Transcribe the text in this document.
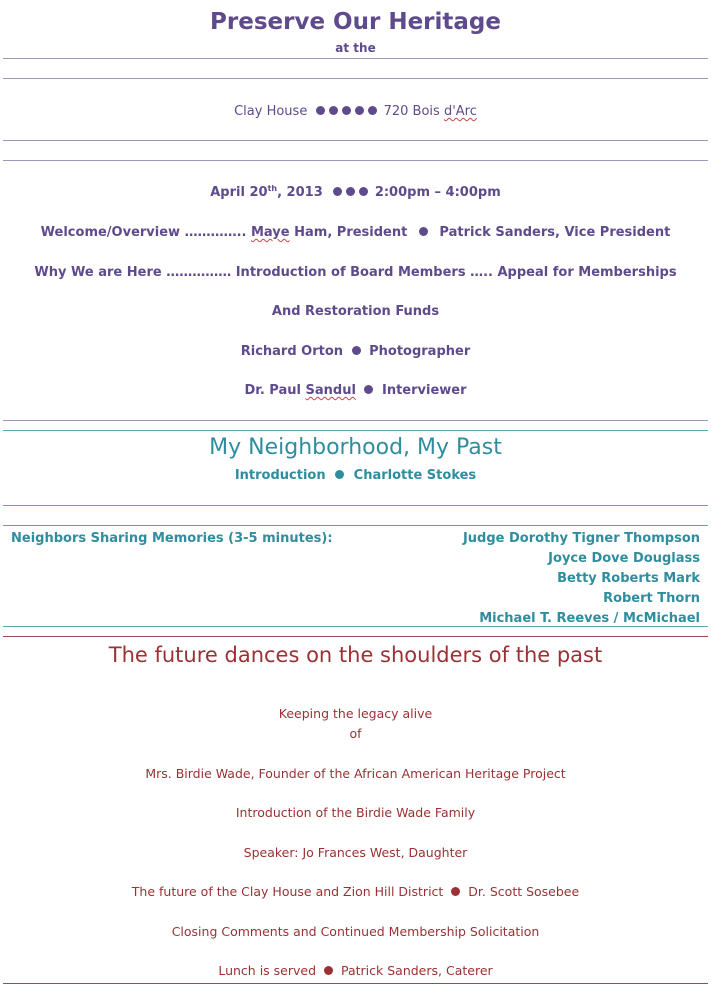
Preserve Our Heritage
at the
Clay House	720 Bois d'Arc
April 20th, 2013	2:00pm – 4:00pm
Welcome/Overview ………….. Maye Ham, President Patrick Sanders, Vice President
Why We are Here …………… Introduction of Board Members ….. Appeal for Memberships
And Restoration Funds
Richard Orton Photographer
Dr. Paul Sandul Interviewer
My Neighborhood, My Past
Introduction Charlotte Stokes
Neighbors Sharing Memories (3-5 minutes):	Judge Dorothy Tigner Thompson
Joyce Dove Douglass
Betty Roberts Mark
Robert Thorn
Michael T. Reeves / McMichael
The future dances on the shoulders of the past
Keeping the legacy alive
of
Mrs. Birdie Wade, Founder of the African American Heritage Project
Introduction of the Birdie Wade Family
Speaker: Jo Frances West, Daughter
The future of the Clay House and Zion Hill District Dr. Scott Sosebee
Closing Comments and Continued Membership Solicitation
Lunch is served Patrick Sanders, Caterer
